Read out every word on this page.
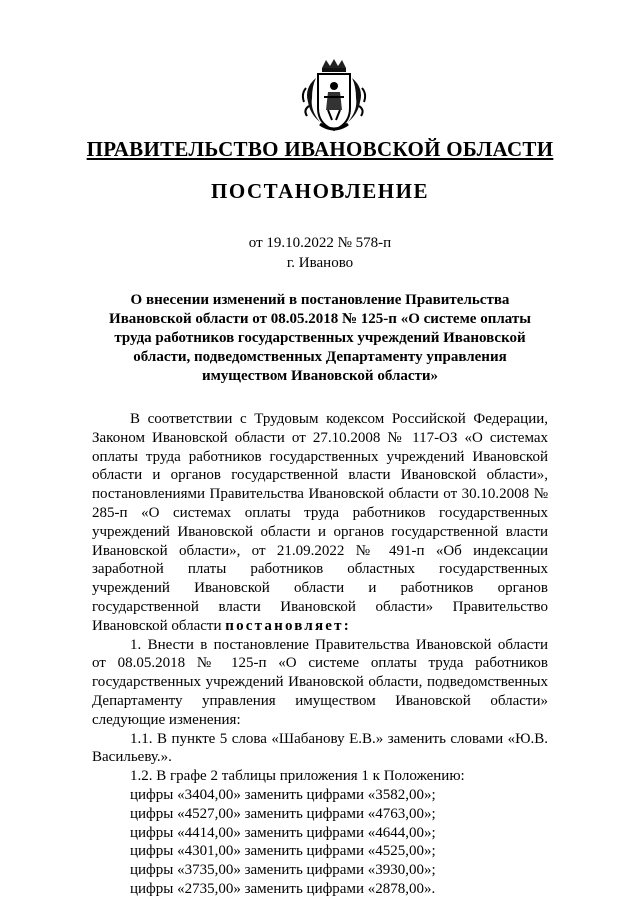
ПРАВИТЕЛЬСТВО ИВАНОВСКОЙ ОБЛАСТИ
ПОСТАНОВЛЕНИЕ
от 19.10.2022 № 578-п
г. Иваново
О внесении изменений в постановление Правительства Ивановской области от 08.05.2018 № 125-п «О системе оплаты труда работников государственных учреждений Ивановской области, подведомственных Департаменту управления имуществом Ивановской области»

В соответствии с Трудовым кодексом Российской Федерации, Законом Ивановской области от 27.10.2008 № 117-ОЗ «О системах оплаты труда работников государственных учреждений Ивановской области и органов государственной власти Ивановской области», постановлениями Правительства Ивановской области от 30.10.2008 № 285-п «О системах оплаты труда работников государственных учреждений Ивановской области и органов государственной власти Ивановской области», от 21.09.2022 № 491-п «Об индексации заработной платы работников областных государственных учреждений Ивановской области и работников органов государственной власти Ивановской области» Правительство Ивановской области постановляет:

1. Внести в постановление Правительства Ивановской области от 08.05.2018 № 125-п «О системе оплаты труда работников государственных учреждений Ивановской области, подведомственных Департаменту управления имуществом Ивановской области» следующие изменения:

1.1. В пункте 5 слова «Шабанову Е.В.» заменить словами «Ю.В. Васильеву.».

1.2. В графе 2 таблицы приложения 1 к Положению:

цифры «3404,00» заменить цифрами «3582,00»;

цифры «4527,00» заменить цифрами «4763,00»;

цифры «4414,00» заменить цифрами «4644,00»;

цифры «4301,00» заменить цифрами «4525,00»;

цифры «3735,00» заменить цифрами «3930,00»;

цифры «2735,00» заменить цифрами «2878,00».
